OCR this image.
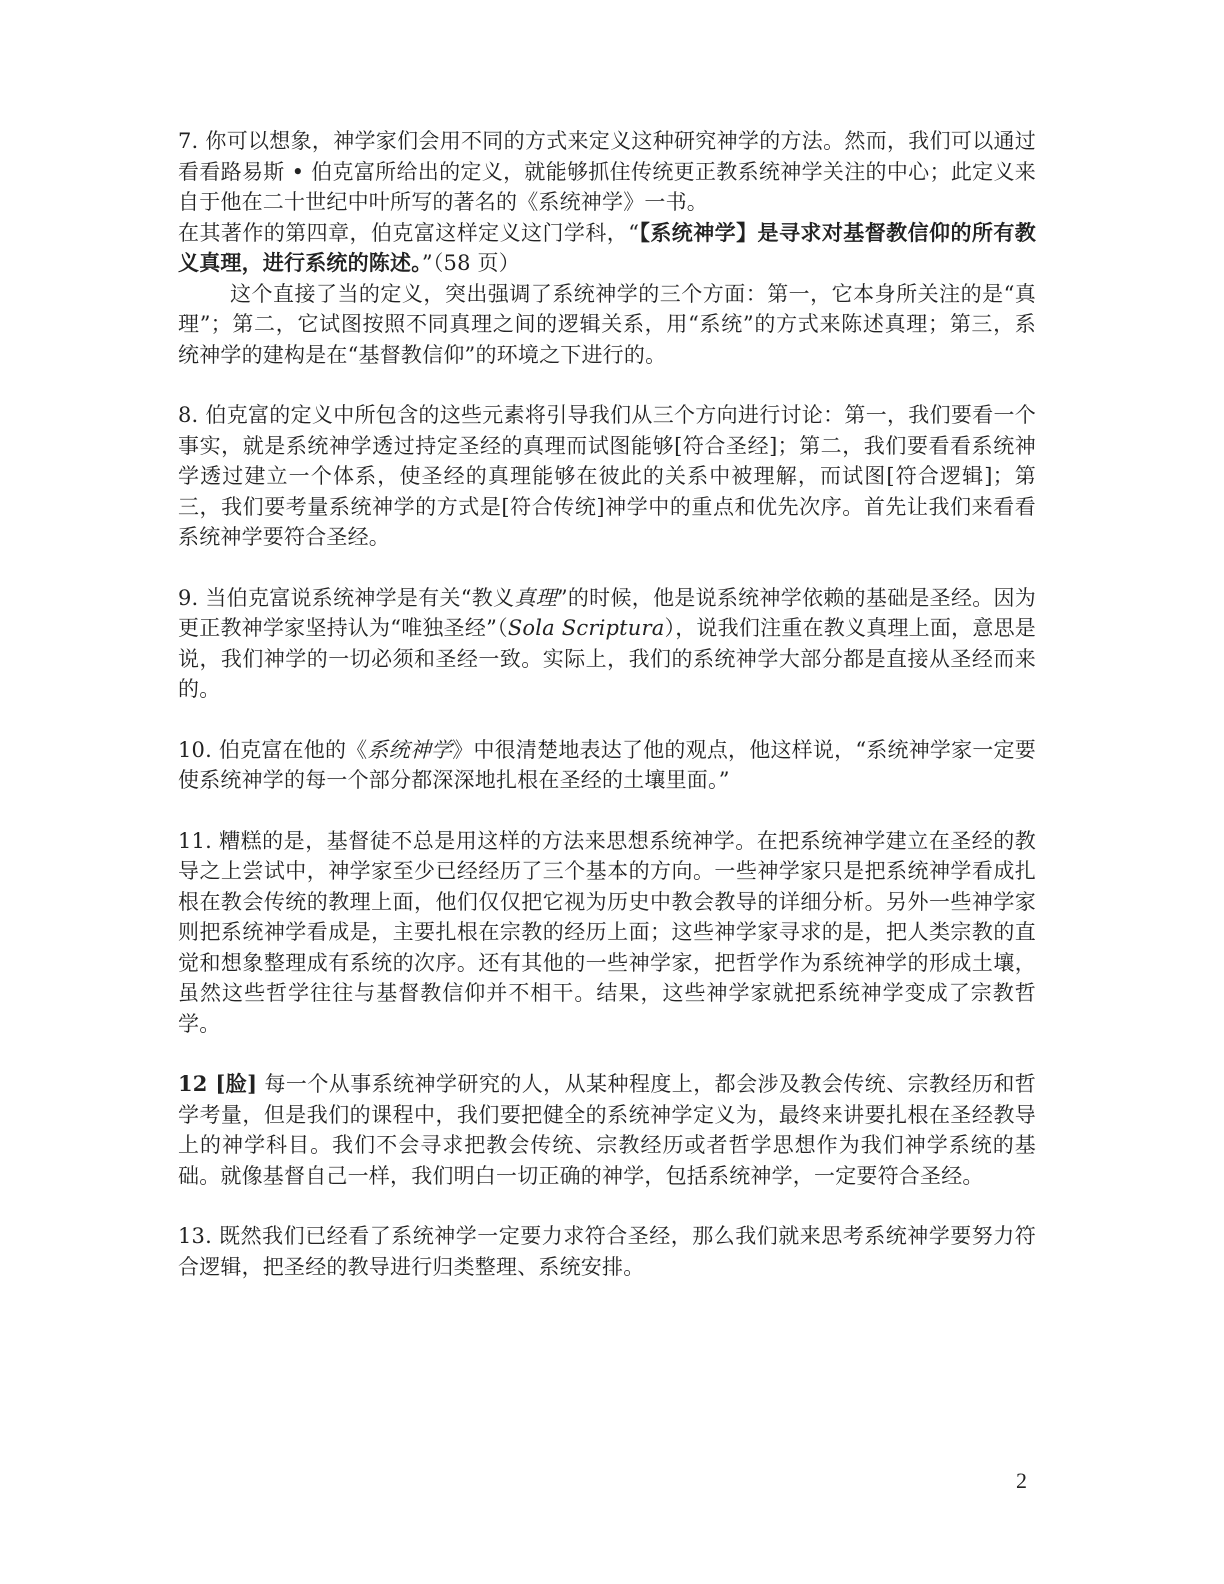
7. 你可以想象，神学家们会用不同的方式来定义这种研究神学的方法。然而，我们可以通过看看路易斯 • 伯克富所给出的定义，就能够抓住传统更正教系统神学关注的中心；此定义来自于他在二十世纪中叶所写的著名的《系统神学》一书。

在其著作的第四章，伯克富这样定义这门学科，“【系统神学】是寻求对基督教信仰的所有教义真理，进行系统的陈述。”（58 页）

这个直接了当的定义，突出强调了系统神学的三个方面：第一，它本身所关注的是“真理”；第二，它试图按照不同真理之间的逻辑关系，用“系统”的方式来陈述真理；第三，系统神学的建构是在“基督教信仰”的环境之下进行的。

8. 伯克富的定义中所包含的这些元素将引导我们从三个方向进行讨论：第一，我们要看一个事实，就是系统神学透过持定圣经的真理而试图能够[符合圣经]；第二，我们要看看系统神学透过建立一个体系，使圣经的真理能够在彼此的关系中被理解，而试图[符合逻辑]；第三，我们要考量系统神学的方式是[符合传统]神学中的重点和优先次序。首先让我们来看看系统神学要符合圣经。

9. 当伯克富说系统神学是有关“教义真理”的时候，他是说系统神学依赖的基础是圣经。因为更正教神学家坚持认为“唯独圣经”（Sola Scriptura），说我们注重在教义真理上面，意思是说，我们神学的一切必须和圣经一致。实际上，我们的系统神学大部分都是直接从圣经而来的。

10. 伯克富在他的《系统神学》中很清楚地表达了他的观点，他这样说，“系统神学家一定要使系统神学的每一个部分都深深地扎根在圣经的土壤里面。”

11. 糟糕的是，基督徒不总是用这样的方法来思想系统神学。在把系统神学建立在圣经的教导之上尝试中，神学家至少已经经历了三个基本的方向。一些神学家只是把系统神学看成扎根在教会传统的教理上面，他们仅仅把它视为历史中教会教导的详细分析。另外一些神学家则把系统神学看成是，主要扎根在宗教的经历上面；这些神学家寻求的是，把人类宗教的直觉和想象整理成有系统的次序。还有其他的一些神学家，把哲学作为系统神学的形成土壤，虽然这些哲学往往与基督教信仰并不相干。结果，这些神学家就把系统神学变成了宗教哲学。

12 [脸] 每一个从事系统神学研究的人，从某种程度上，都会涉及教会传统、宗教经历和哲学考量，但是我们的课程中，我们要把健全的系统神学定义为，最终来讲要扎根在圣经教导上的神学科目。我们不会寻求把教会传统、宗教经历或者哲学思想作为我们神学系统的基础。就像基督自己一样，我们明白一切正确的神学，包括系统神学，一定要符合圣经。

13. 既然我们已经看了系统神学一定要力求符合圣经，那么我们就来思考系统神学要努力符合逻辑，把圣经的教导进行归类整理、系统安排。

2
